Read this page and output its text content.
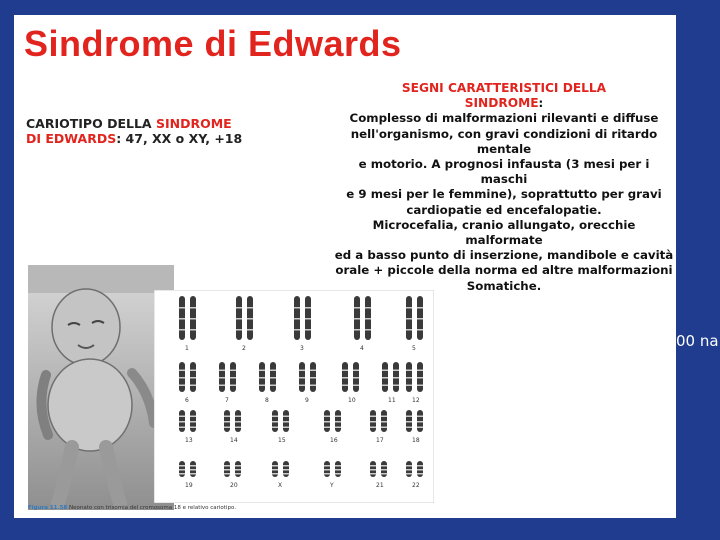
00 na
Sindrome di Edwards
CARIOTIPO DELLA SINDROME
DI EDWARDS: 47, XX o XY, +18

SEGNI CARATTERISTICI DELLA

SINDROME:

Complesso di malformazioni rilevanti e diffuse

nell'organismo, con gravi condizioni di ritardo mentale

e motorio. A prognosi infausta (3 mesi per i maschi

e 9 mesi per le femmine), soprattutto per gravi

cardiopatie ed encefalopatie.

Microcefalia, cranio allungato, orecchie malformate

ed a basso punto di inserzione, mandibole e cavità

orale + piccole della norma ed altre malformazioni

Somatiche.

1	2	3	4	5
6	7	8	9	10	11	12
13	14	15	16	17	18
19	20	X	Y	21	22
Figura 11.58 Neonato con trisomia del cromosoma 18 e relativo cariotipo.
